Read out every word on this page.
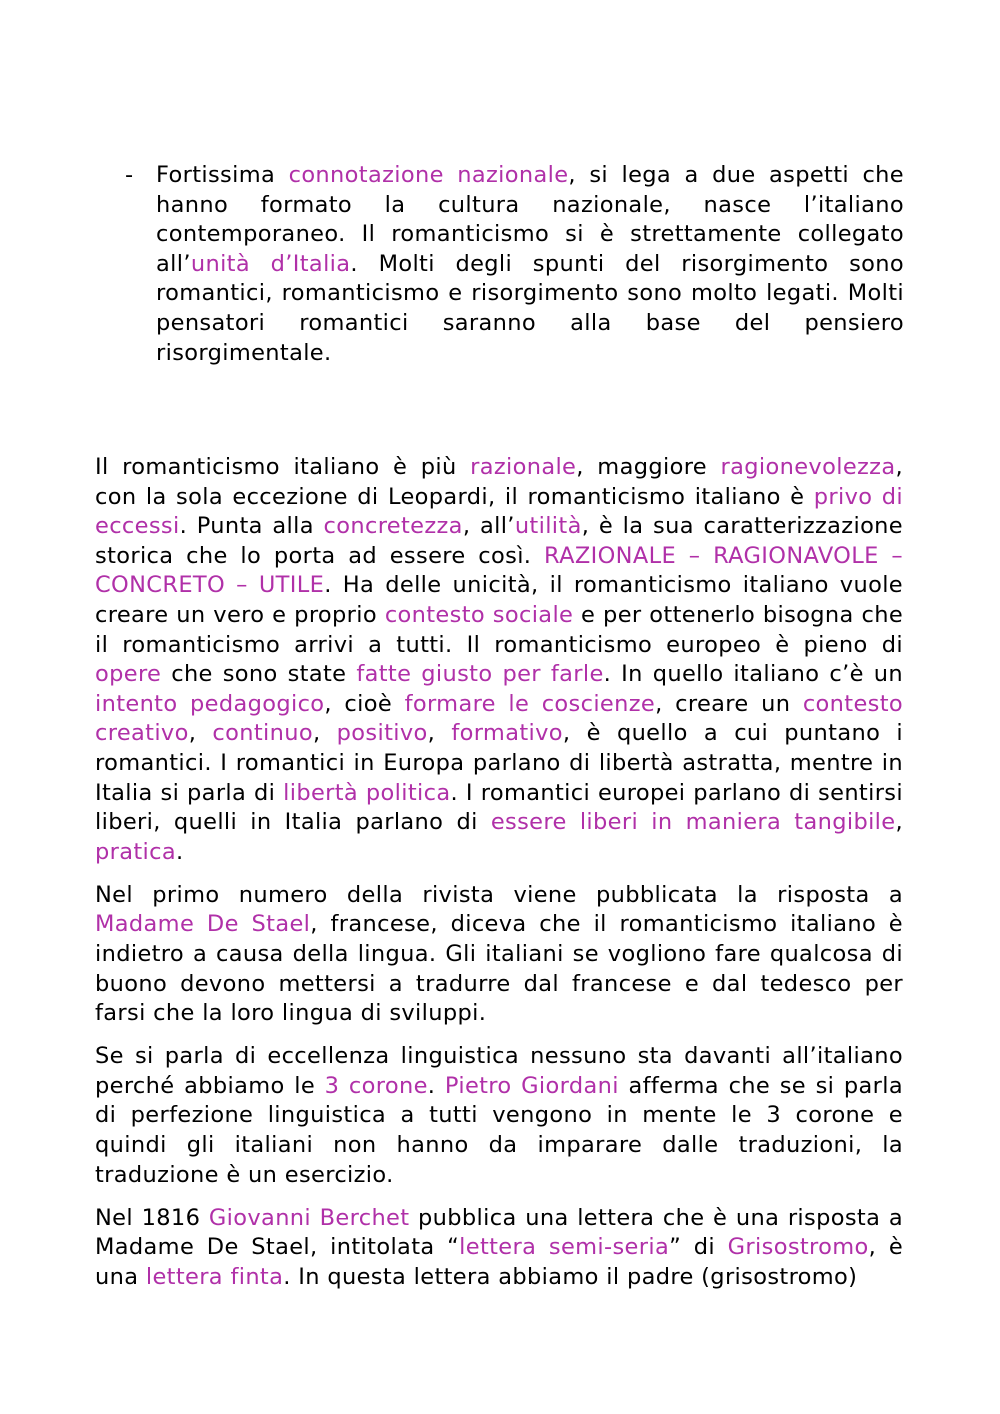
- Fortissima connotazione nazionale, si lega a due aspetti che hanno formato la cultura nazionale, nasce l’italiano contemporaneo. Il romanticismo si è strettamente collegato all’unità d’Italia. Molti degli spunti del risorgimento sono romantici, romanticismo e risorgimento sono molto legati. Molti pensatori romantici saranno alla base del pensiero risorgimentale.

Il romanticismo italiano è più razionale, maggiore ragionevolezza, con la sola eccezione di Leopardi, il romanticismo italiano è privo di eccessi. Punta alla concretezza, all’utilità, è la sua caratterizzazione storica che lo porta ad essere così. RAZIONALE – RAGIONAVOLE – CONCRETO – UTILE. Ha delle unicità, il romanticismo italiano vuole creare un vero e proprio contesto sociale e per ottenerlo bisogna che il romanticismo arrivi a tutti. Il romanticismo europeo è pieno di opere che sono state fatte giusto per farle. In quello italiano c’è un intento pedagogico, cioè formare le coscienze, creare un contesto creativo, continuo, positivo, formativo, è quello a cui puntano i romantici. I romantici in Europa parlano di libertà astratta, mentre in Italia si parla di libertà politica. I romantici europei parlano di sentirsi liberi, quelli in Italia parlano di essere liberi in maniera tangibile, pratica.

Nel primo numero della rivista viene pubblicata la risposta a Madame De Stael, francese, diceva che il romanticismo italiano è indietro a causa della lingua. Gli italiani se vogliono fare qualcosa di buono devono mettersi a tradurre dal francese e dal tedesco per farsi che la loro lingua di sviluppi.

Se si parla di eccellenza linguistica nessuno sta davanti all’italiano perché abbiamo le 3 corone. Pietro Giordani afferma che se si parla di perfezione linguistica a tutti vengono in mente le 3 corone e quindi gli italiani non hanno da imparare dalle traduzioni, la traduzione è un esercizio.

Nel 1816 Giovanni Berchet pubblica una lettera che è una risposta a Madame De Stael, intitolata “lettera semi-seria” di Grisostromo, è una lettera finta. In questa lettera abbiamo il padre (grisostromo)
